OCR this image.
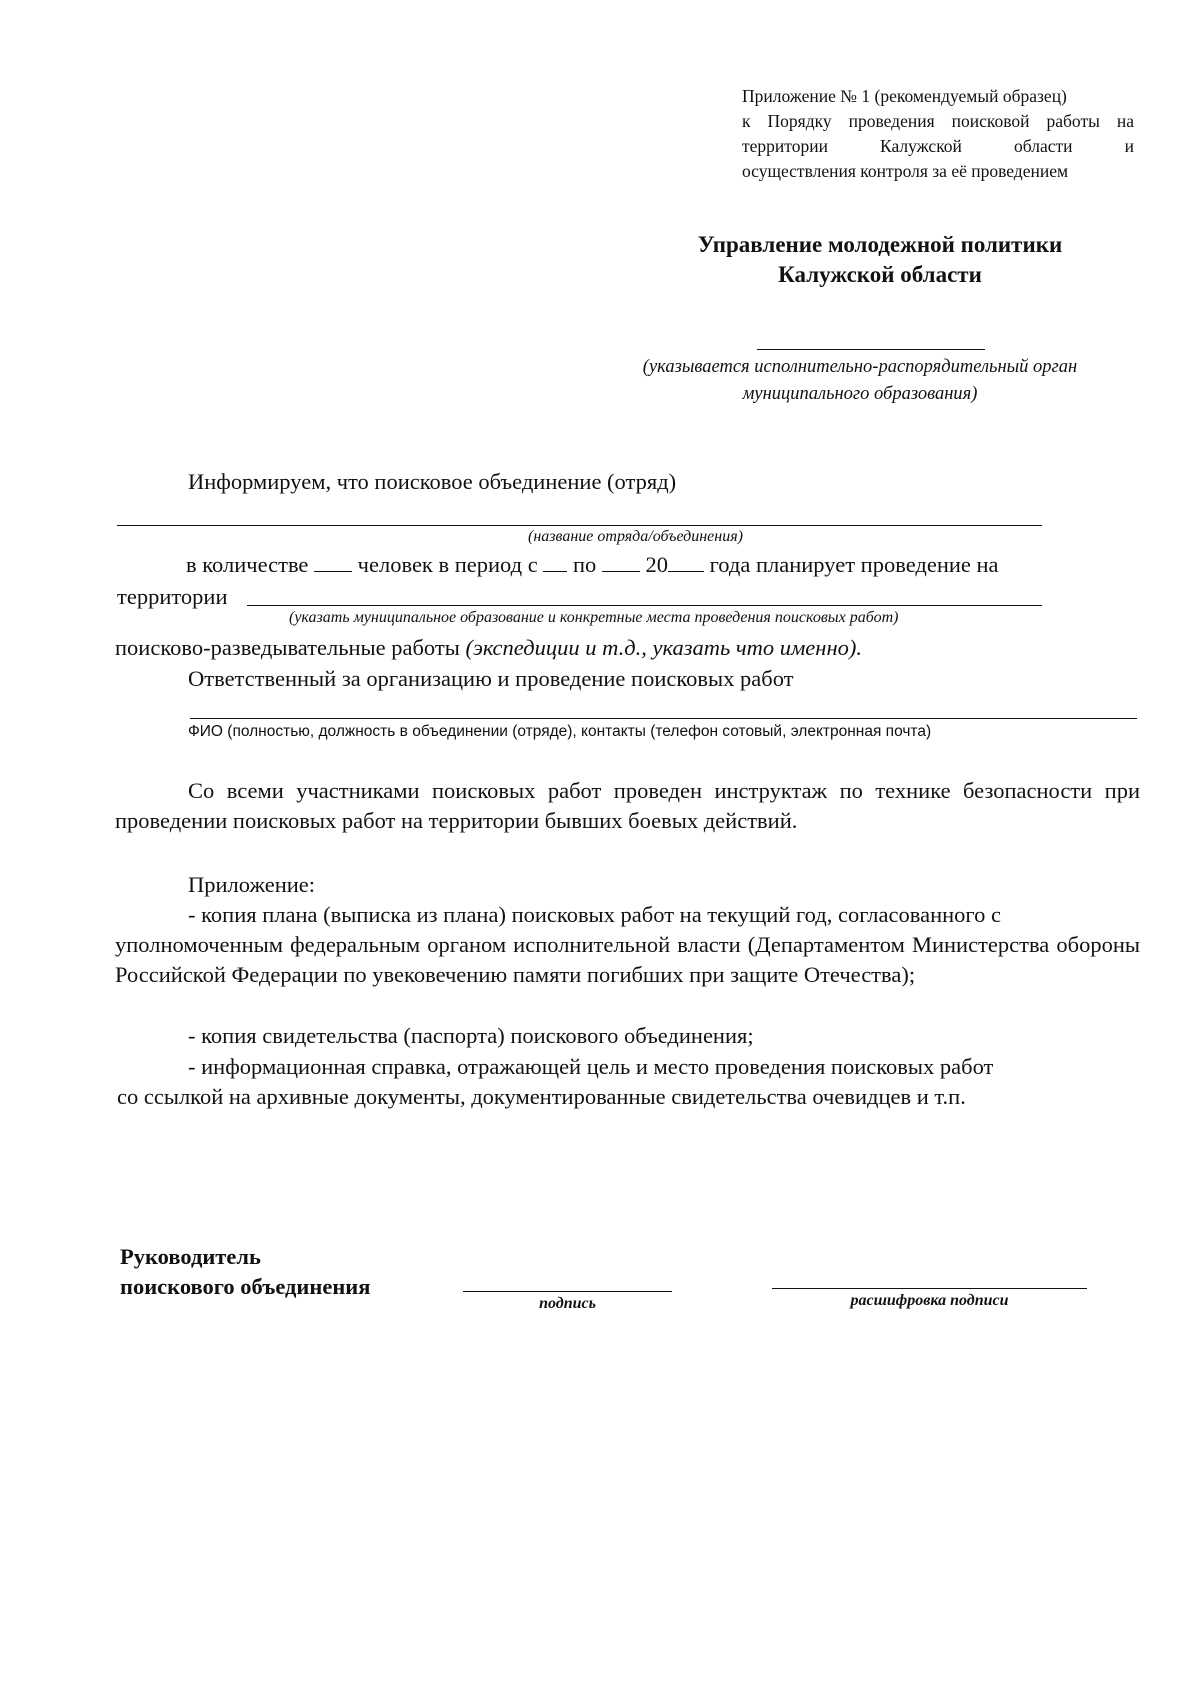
Приложение № 1 (рекомендуемый образец)
к Порядку проведения поисковой работы на
территории Калужской области и
осуществления контроля за её проведением
Управление молодежной политики
Калужской области
(указывается исполнительно-распорядительный орган
муниципального образования)
Информируем, что поисковое объединение (отряд)
(название отряда/объединения)
в количестве человек в период с по 20 года планирует проведение на
территории
(указать муниципальное образование и конкретные места проведения поисковых работ)
поисково-разведывательные работы (экспедиции и т.д., указать что именно).
Ответственный за организацию и проведение поисковых работ
ФИО (полностью, должность в объединении (отряде), контакты (телефон сотовый, электронная почта)
Со всеми участниками поисковых работ проведен инструктаж по технике безопасности при проведении поисковых работ на территории бывших боевых действий.
Приложение:
- копия плана (выписка из плана) поисковых работ на текущий год, согласованного с
уполномоченным федеральным органом исполнительной власти (Департаментом Министерства обороны Российской Федерации по увековечению памяти погибших при защите Отечества);
- копия свидетельства (паспорта) поискового объединения;
- информационная справка, отражающей цель и место проведения поисковых работ
со ссылкой на архивные документы, документированные свидетельства очевидцев и т.п.
Руководитель
поискового объединения
подпись	расшифровка подписи
